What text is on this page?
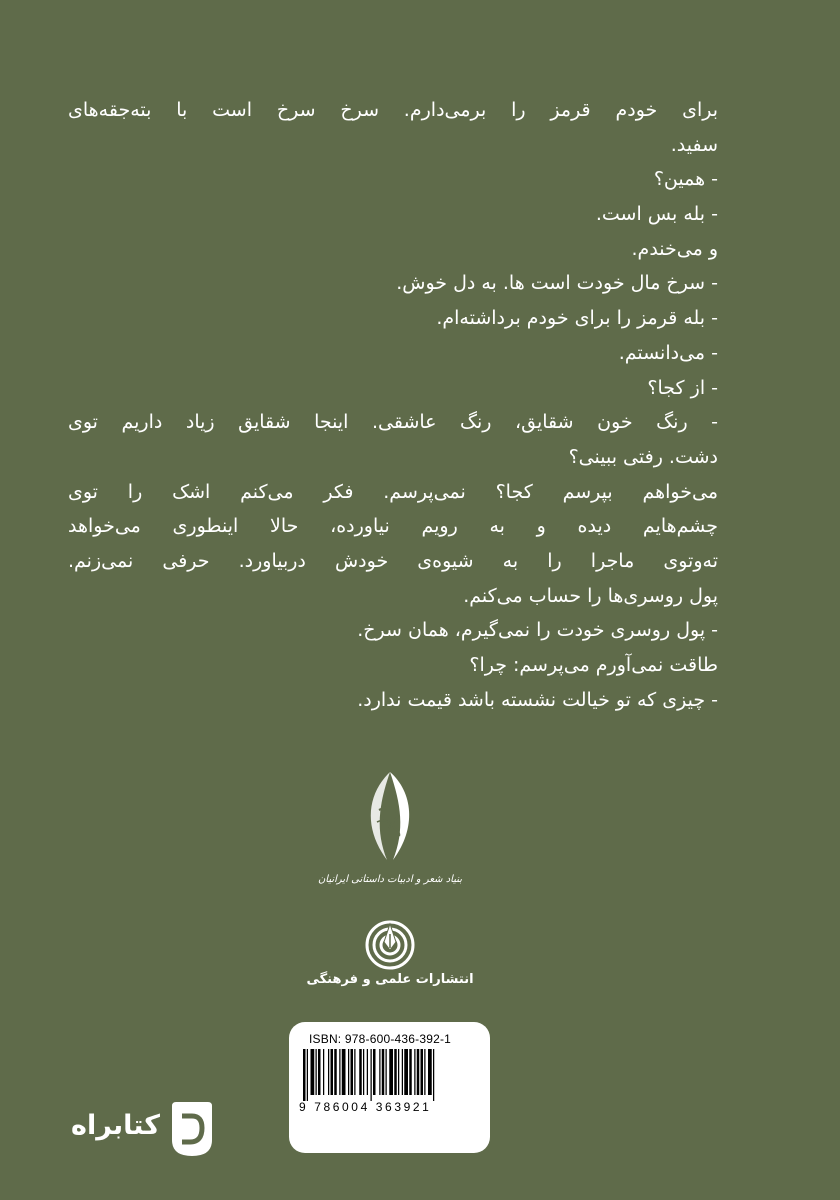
برای خودم قرمز را برمی‌دارم. سرخ سرخ است با بته‌جقه‌های
سفید.
- همین؟
- بله بس است.
و می‌خندم.
- سرخ مال خودت است ها. به دل خوش.
- بله قرمز را برای خودم برداشته‌ام.
- می‌دانستم.
- از کجا؟
- رنگ خون شقایق، رنگ عاشقی. اینجا شقایق زیاد داریم توی
دشت. رفتی ببینی؟
می‌خواهم بپرسم کجا؟ نمی‌پرسم. فکر می‌کنم اشک را توی
چشم‌هایم دیده و به رویم نیاورده، حالا اینطوری می‌خواهد
ته‌وتوی ماجرا را به شیوه‌ی خودش دربیاورد. حرفی نمی‌زنم.
پول روسری‌ها را حساب می‌کنم.
- پول روسری خودت را نمی‌گیرم، همان سرخ.
طاقت نمی‌آورم می‌پرسم: چرا؟
- چیزی که تو خیالت نشسته باشد قیمت ندارد.
بنیاد شعر و ادبیات داستانی ایرانیان
انتشارات علمی و فرهنگی
ISBN: 978-600-436-392-1
9 786004 363921
کتابراه
